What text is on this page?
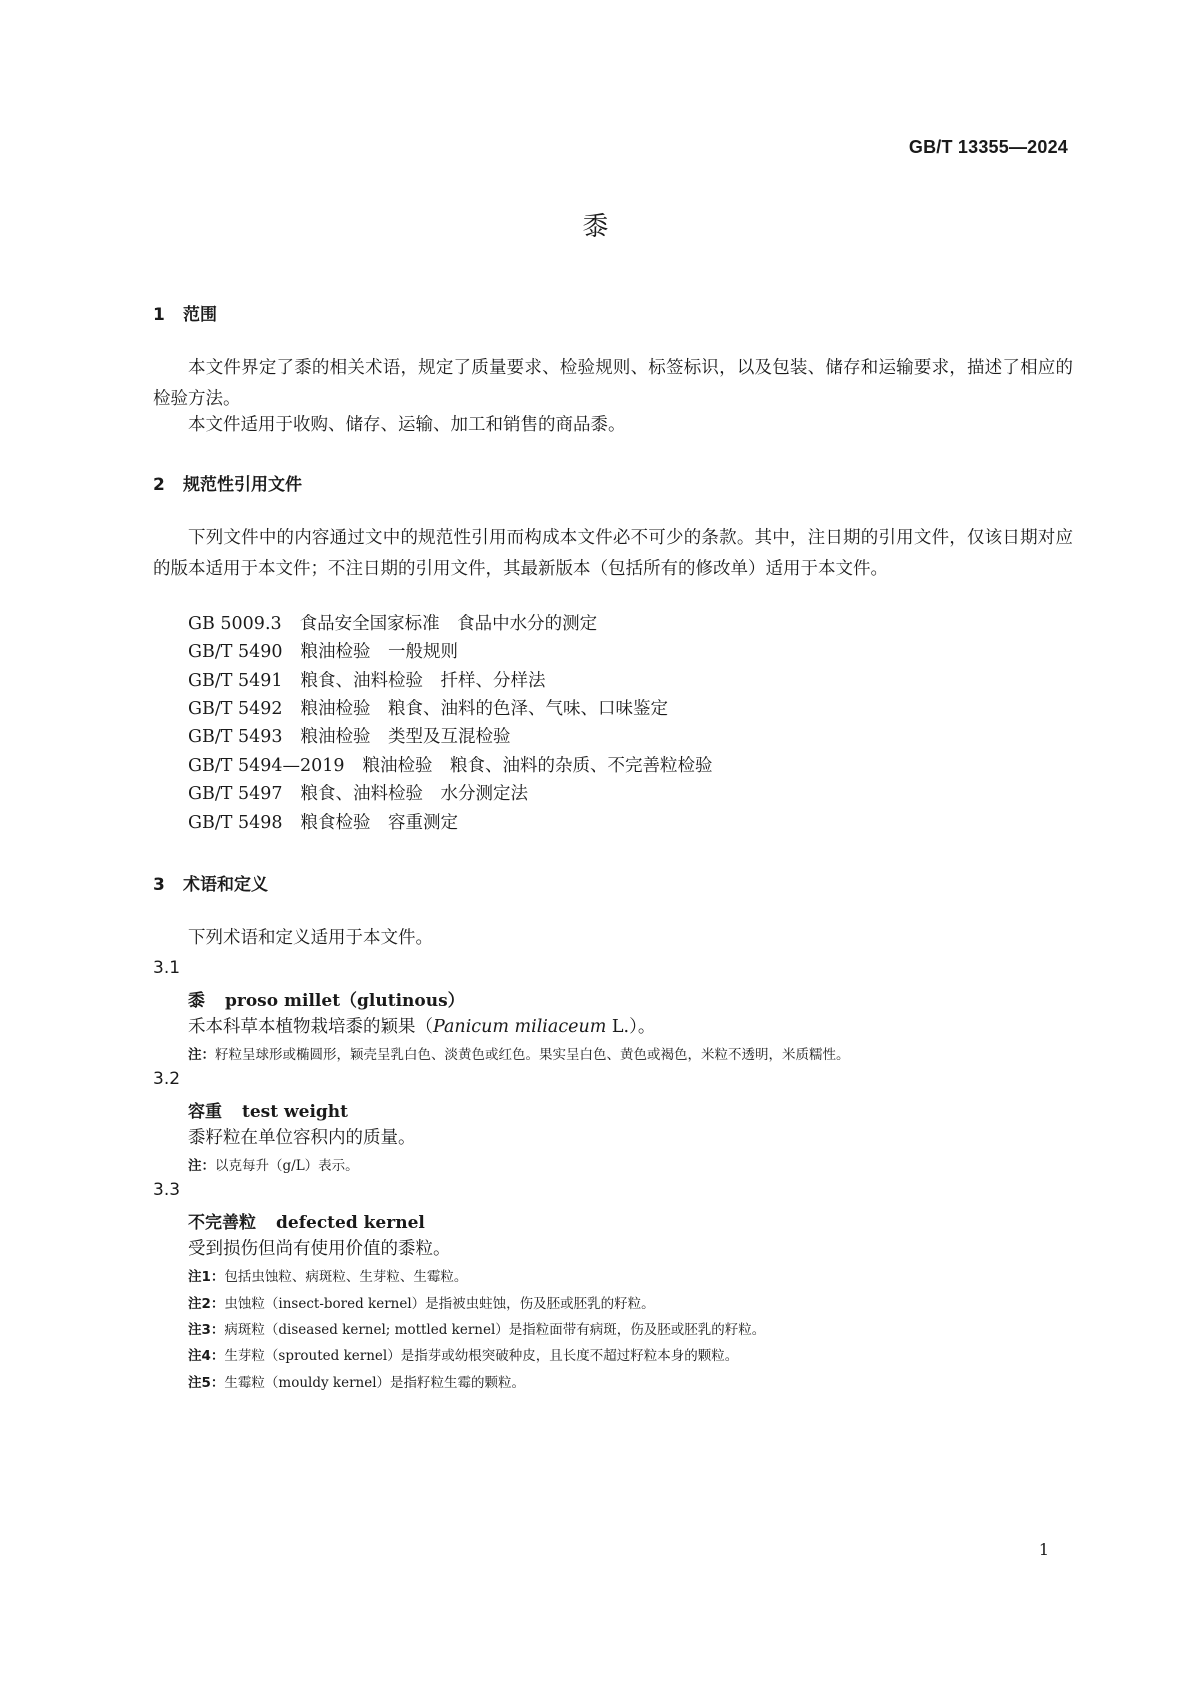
GB/T 13355—2024
黍
1 范围
本文件界定了黍的相关术语，规定了质量要求、检验规则、标签标识，以及包装、储存和运输要求，描述了相应的检验方法。
本文件适用于收购、储存、运输、加工和销售的商品黍。
2 规范性引用文件
下列文件中的内容通过文中的规范性引用而构成本文件必不可少的条款。其中，注日期的引用文件，仅该日期对应的版本适用于本文件；不注日期的引用文件，其最新版本（包括所有的修改单）适用于本文件。
GB 5009.3 食品安全国家标准　食品中水分的测定
GB/T 5490 粮油检验　一般规则
GB/T 5491 粮食、油料检验　扦样、分样法
GB/T 5492 粮油检验　粮食、油料的色泽、气味、口味鉴定
GB/T 5493 粮油检验　类型及互混检验
GB/T 5494—2019 粮油检验　粮食、油料的杂质、不完善粒检验
GB/T 5497 粮食、油料检验　水分测定法
GB/T 5498 粮食检验　容重测定
3 术语和定义
下列术语和定义适用于本文件。
3.1
黍 proso millet（glutinous）
禾本科草本植物栽培黍的颖果（Panicum miliaceum L.）。
注：籽粒呈球形或椭圆形，颖壳呈乳白色、淡黄色或红色。果实呈白色、黄色或褐色，米粒不透明，米质糯性。
3.2
容重 test weight
黍籽粒在单位容积内的质量。
注：以克每升（g/L）表示。
3.3
不完善粒 defected kernel
受到损伤但尚有使用价值的黍粒。
注1：包括虫蚀粒、病斑粒、生芽粒、生霉粒。
注2：虫蚀粒（insect-bored kernel）是指被虫蛀蚀，伤及胚或胚乳的籽粒。
注3：病斑粒（diseased kernel; mottled kernel）是指粒面带有病斑，伤及胚或胚乳的籽粒。
注4：生芽粒（sprouted kernel）是指芽或幼根突破种皮，且长度不超过籽粒本身的颗粒。
注5：生霉粒（mouldy kernel）是指籽粒生霉的颗粒。
1
